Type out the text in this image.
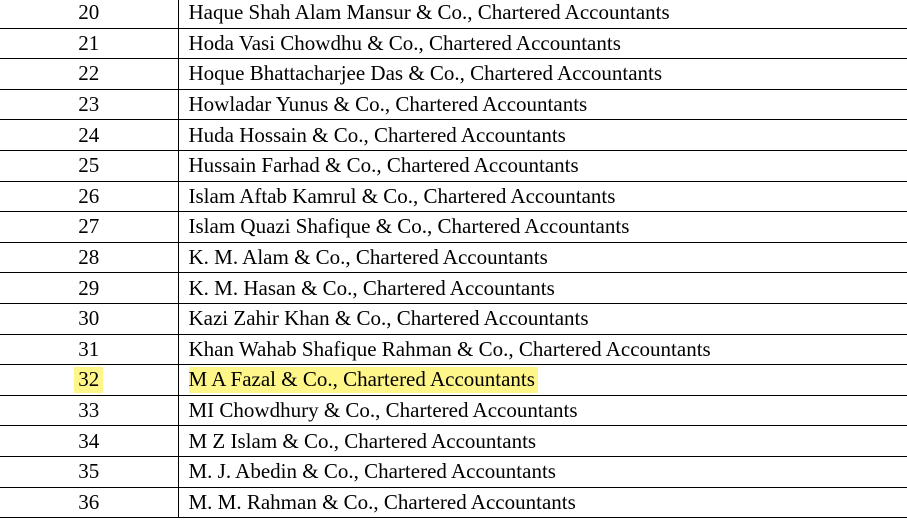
20	Haque Shah Alam Mansur & Co., Chartered Accountants
21	Hoda Vasi Chowdhu & Co., Chartered Accountants
22	Hoque Bhattacharjee Das & Co., Chartered Accountants
23	Howladar Yunus & Co., Chartered Accountants
24	Huda Hossain & Co., Chartered Accountants
25	Hussain Farhad & Co., Chartered Accountants
26	Islam Aftab Kamrul & Co., Chartered Accountants
27	Islam Quazi Shafique & Co., Chartered Accountants
28	K. M. Alam & Co., Chartered Accountants
29	K. M. Hasan & Co., Chartered Accountants
30	Kazi Zahir Khan & Co., Chartered Accountants
31	Khan Wahab Shafique Rahman & Co., Chartered Accountants
32	M A Fazal & Co., Chartered Accountants
33	MI Chowdhury & Co., Chartered Accountants
34	M Z Islam & Co., Chartered Accountants
35	M. J. Abedin & Co., Chartered Accountants
36	M. M. Rahman & Co., Chartered Accountants
